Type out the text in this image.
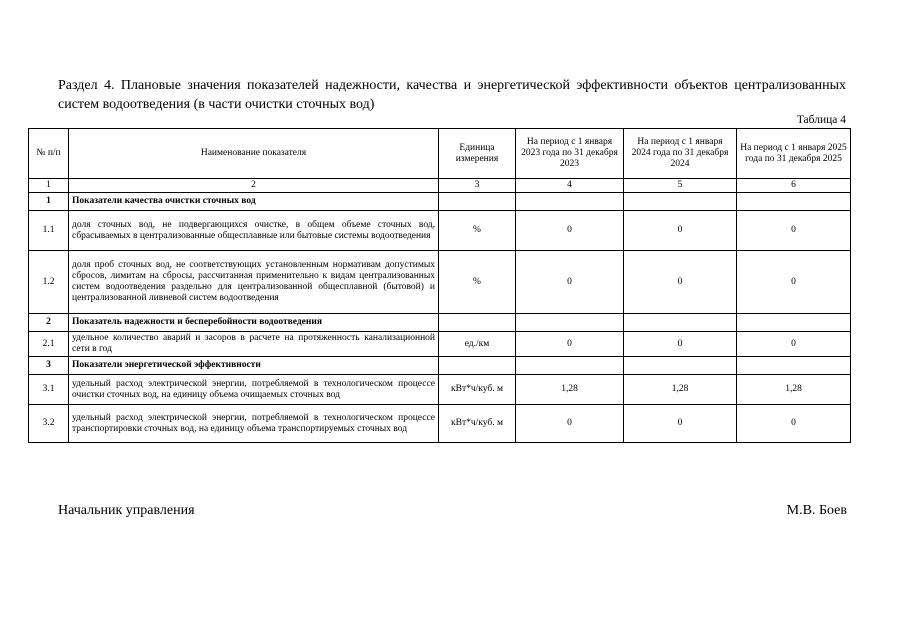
Раздел 4. Плановые значения показателей надежности, качества и энергетической эффективности объектов централизованных систем водоотведения (в части очистки сточных вод)
Таблица 4
№ п/п	Наименование показателя	Единица измерения	На период с 1 января 2023 года по 31 декабря 2023	На период с 1 января 2024 года по 31 декабря 2024	На период с 1 января 2025 года по 31 декабря 2025
1	2	3	4	5	6
1	Показатели качества очистки сточных вод				
1.1	доля сточных вод, не подвергающихся очистке, в общем объеме сточных вод, сбрасываемых в централизованные общесплавные или бытовые системы водоотведения	%	0	0	0
1.2	доля проб сточных вод, не соответствующих установленным нормативам допустимых сбросов, лимитам на сбросы, рассчитанная применительно к видам централизованных систем водоотведения раздельно для централизованной общесплавной (бытовой) и централизованной ливневой систем водоотведения	%	0	0	0
2	Показатель надежности и бесперебойности водоотведения				
2.1	удельное количество аварий и засоров в расчете на протяженность канализационной сети в год	ед./км	0	0	0
3	Показатели энергетической эффективности				
3.1	удельный расход электрической энергии, потребляемой в технологическом процессе очистки сточных вод, на единицу объема очищаемых сточных вод	кВт*ч/куб. м	1,28	1,28	1,28
3.2	удельный расход электрической энергии, потребляемой в технологическом процессе транспортировки сточных вод, на единицу объема транспортируемых сточных вод	кВт*ч/куб. м	0	0	0
Начальник управления	М.В. Боев
